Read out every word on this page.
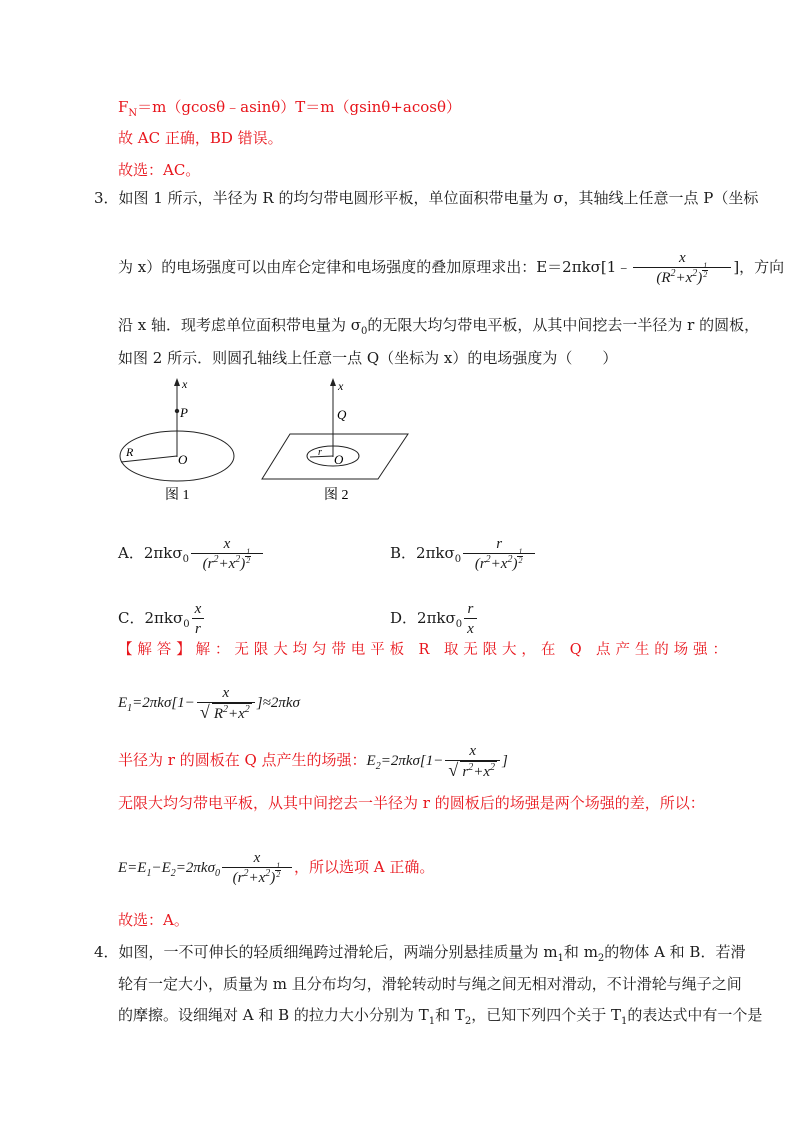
$F_N=m(gcos\theta﹣asin\theta)T=m(gsin\theta+acos\theta)$
故 AC 正确，BD 错误。
故选：AC。
3．如图 1 所示，半径为 R 的均匀带电圆形平板，单位面积带电量为 σ，其轴线上任意一点 P（坐标
为 x）的电场强度可以由库仑定律和电场强度的叠加原理求出：E＝2πkσ[1﹣ $\frac{x}{(R^2+x^2) \frac{1}{2}}$ ]，方向
沿 x 轴．现考虑单位面积带电量为 $\sigma_0$的无限大均匀带电平板，从其中间挖去一半径为 r 的圆板，
如图 2 所示．则圆孔轴线上任意一点 Q（坐标为 x）的电场强度为（　　）
x
P
R	O
图 1
x
Q
r O
图 2
A．$2\pi k\sigma_0 \frac{x}{(r^2+x^2) \frac{1}{2}}$	B．$2\pi k\sigma_0 \frac{r}{(r^2+x^2) \frac{1}{2}}$
C．$2\pi k\sigma_0 \frac{x}{r}$	D．$2\pi k\sigma_0 \frac{r}{x}$
【解答】解：无限大均匀带电平板 R 取无限大，在 Q 点产生的场强：
$E_1=2\pi k\sigma[1- \frac{x}{√ R^2+x^2} ]\approx 2\pi k\sigma$
半径为 r 的圆板在 Q 点产生的场强：$E_2=2\pi k\sigma[1- \frac{x}{√ r^2+x^2}$ ]
无限大均匀带电平板，从其中间挖去一半径为 r 的圆板后的场强是两个场强的差，所以：
$E=E_1-E_2=2\pi k\sigma_0 \frac{x}{(r^2+x^2) \frac{1}{2}}$ ，所以选项 A 正确。
故选：A。
4．如图，一不可伸长的轻质细绳跨过滑轮后，两端分别悬挂质量为 $m_1$和 $m_2$的物体 A 和 B．若滑
轮有一定大小，质量为 m 且分布均匀，滑轮转动时与绳之间无相对滑动，不计滑轮与绳子之间
的摩擦。设细绳对 A 和 B 的拉力大小分别为 $T_1$和 $T_2$，已知下列四个关于 $T_1$的表达式中有一个是
